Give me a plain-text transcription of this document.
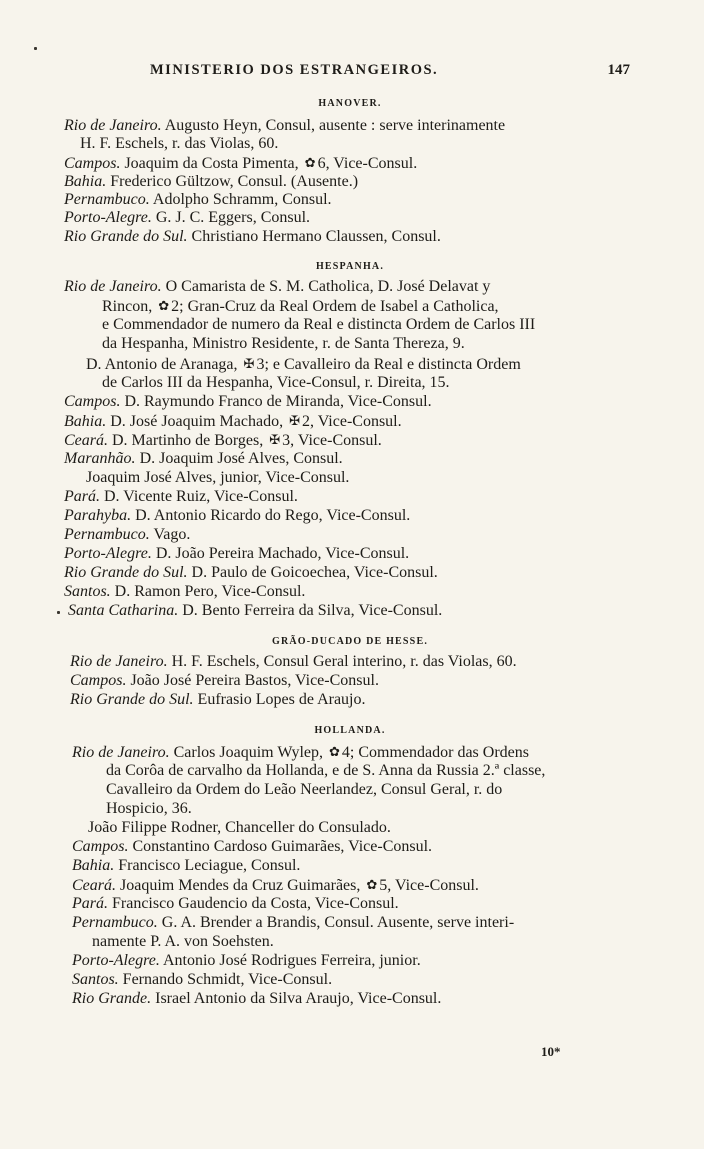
MINISTERIO DOS ESTRANGEIROS.	147
HANOVER.
Rio de Janeiro. Augusto Heyn, Consul, ausente : serve interinamente
H. F. Eschels, r. das Violas, 60.
Campos. Joaquim da Costa Pimenta, ✿ 6, Vice-Consul.
Bahia. Frederico Gültzow, Consul. (Ausente.)
Pernambuco. Adolpho Schramm, Consul.
Porto-Alegre. G. J. C. Eggers, Consul.
Rio Grande do Sul. Christiano Hermano Claussen, Consul.
HESPANHA.
Rio de Janeiro. O Camarista de S. M. Catholica, D. José Delavat y
Rincon, ✿ 2; Gran-Cruz da Real Ordem de Isabel a Catholica,
e Commendador de numero da Real e distincta Ordem de Carlos III
da Hespanha, Ministro Residente, r. de Santa Thereza, 9.
D. Antonio de Aranaga, ✠ 3; e Cavalleiro da Real e distincta Ordem
de Carlos III da Hespanha, Vice-Consul, r. Direita, 15.
Campos. D. Raymundo Franco de Miranda, Vice-Consul.
Bahia. D. José Joaquim Machado, ✠ 2, Vice-Consul.
Ceará. D. Martinho de Borges, ✠ 3, Vice-Consul.
Maranhão. D. Joaquim José Alves, Consul.
Joaquim José Alves, junior, Vice-Consul.
Pará. D. Vicente Ruiz, Vice-Consul.
Parahyba. D. Antonio Ricardo do Rego, Vice-Consul.
Pernambuco. Vago.
Porto-Alegre. D. João Pereira Machado, Vice-Consul.
Rio Grande do Sul. D. Paulo de Goicoechea, Vice-Consul.
Santos. D. Ramon Pero, Vice-Consul.
Santa Catharina. D. Bento Ferreira da Silva, Vice-Consul.
GRÃO-DUCADO DE HESSE.
Rio de Janeiro. H. F. Eschels, Consul Geral interino, r. das Violas, 60.
Campos. João José Pereira Bastos, Vice-Consul.
Rio Grande do Sul. Eufrasio Lopes de Araujo.
HOLLANDA.
Rio de Janeiro. Carlos Joaquim Wylep, ✿ 4; Commendador das Ordens
da Corôa de carvalho da Hollanda, e de S. Anna da Russia 2.ª classe,
Cavalleiro da Ordem do Leão Neerlandez, Consul Geral, r. do
Hospicio, 36.
João Filippe Rodner, Chanceller do Consulado.
Campos. Constantino Cardoso Guimarães, Vice-Consul.
Bahia. Francisco Leciague, Consul.
Ceará. Joaquim Mendes da Cruz Guimarães, ✿ 5, Vice-Consul.
Pará. Francisco Gaudencio da Costa, Vice-Consul.
Pernambuco. G. A. Brender a Brandis, Consul. Ausente, serve interi-
namente P. A. von Soehsten.
Porto-Alegre. Antonio José Rodrigues Ferreira, junior.
Santos. Fernando Schmidt, Vice-Consul.
Rio Grande. Israel Antonio da Silva Araujo, Vice-Consul.
10*
